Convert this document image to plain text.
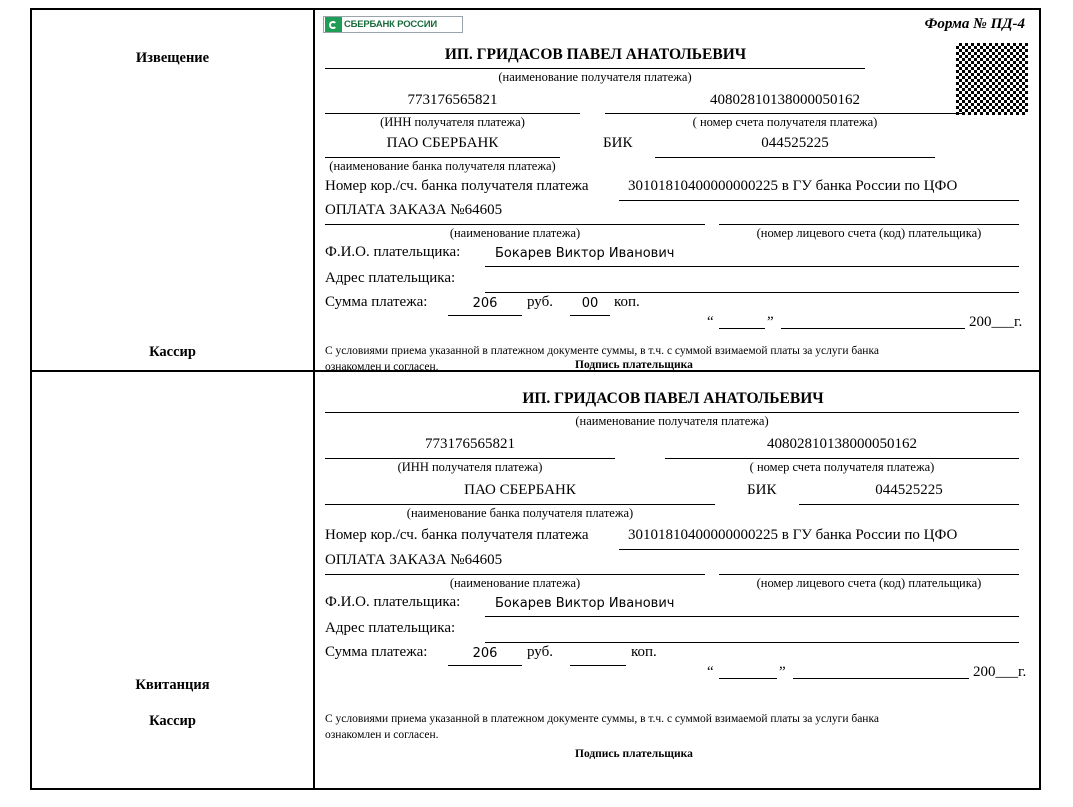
Извещение
Кассир
СБЕРБАНК РОССИИ	Форма № ПД-4
ИП. ГРИДАСОВ ПАВЕЛ АНАТОЛЬЕВИЧ
(наименование получателя платежа)
773176565821
(ИНН получателя платежа)
40802810138000050162
( номер счета получателя платежа)
ПАО СБЕРБАНК
(наименование банка получателя платежа)
БИК	044525225
Номер кор./сч. банка получателя платежа	30101810400000000225 в ГУ банка России по ЦФО
ОПЛАТА ЗАКАЗА №64605
(наименование платежа)	(номер лицевого счета (код) плательщика)
Ф.И.О. плательщика:	Бокарев Виктор Иванович
Адрес плательщика:
Сумма платежа:	206	руб.	00	коп.
“	”	200___г.
С условиями приема указанной в платежном документе суммы, в т.ч. с суммой взимаемой платы за услуги банка
ознакомлен и согласен.	Подпись плательщика
Квитанция
Кассир
ИП. ГРИДАСОВ ПАВЕЛ АНАТОЛЬЕВИЧ
(наименование получателя платежа)
773176565821
(ИНН получателя платежа)
40802810138000050162
( номер счета получателя платежа)
ПАО СБЕРБАНК
(наименование банка получателя платежа)
БИК	044525225
Номер кор./сч. банка получателя платежа	30101810400000000225 в ГУ банка России по ЦФО
ОПЛАТА ЗАКАЗА №64605
(наименование платежа)	(номер лицевого счета (код) плательщика)
Ф.И.О. плательщика:	Бокарев Виктор Иванович
Адрес плательщика:
Сумма платежа:	206	руб.	коп.
“	”	200___г.
С условиями приема указанной в платежном документе суммы, в т.ч. с суммой взимаемой платы за услуги банка
ознакомлен и согласен.
Подпись плательщика
